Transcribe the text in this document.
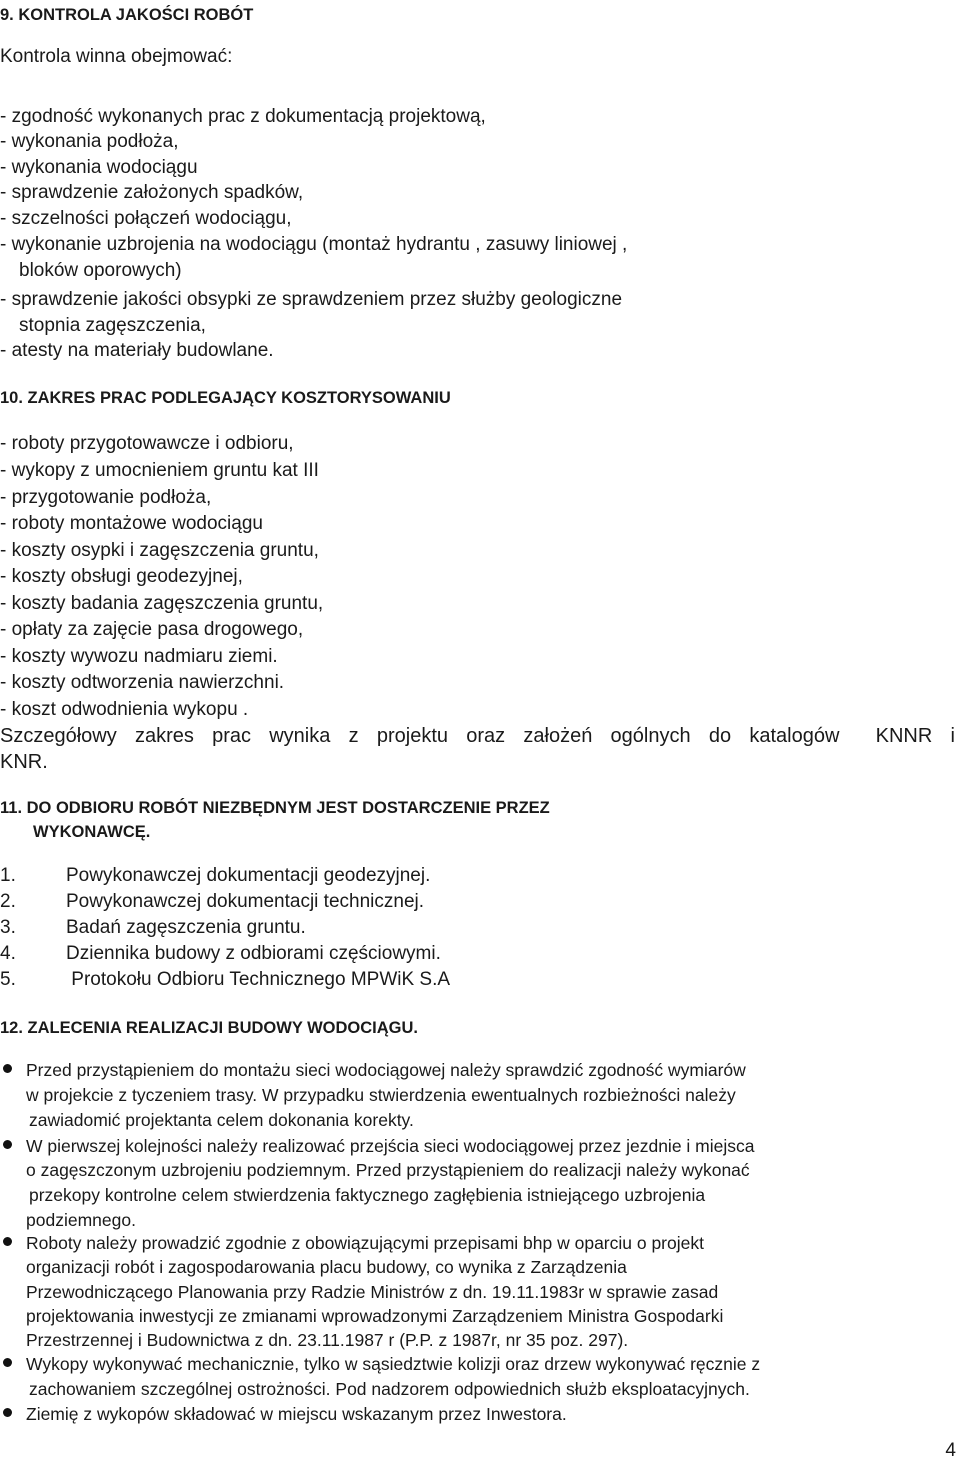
9. KONTROLA JAKOŚCI ROBÓT
Kontrola winna obejmować:
- zgodność wykonanych prac z dokumentacją projektową,
- wykonania podłoża,
- wykonania wodociągu
- sprawdzenie założonych spadków,
- szczelności połączeń wodociągu,
- wykonanie uzbrojenia na wodociągu (montaż hydrantu , zasuwy liniowej ,
bloków oporowych)
- sprawdzenie jakości obsypki ze sprawdzeniem przez służby geologiczne
stopnia zagęszczenia,
- atesty na materiały budowlane.
10. ZAKRES PRAC PODLEGAJĄCY KOSZTORYSOWANIU
- roboty przygotowawcze i odbioru,
- wykopy z umocnieniem gruntu kat III
- przygotowanie podłoża,
- roboty montażowe wodociągu
- koszty osypki i zagęszczenia gruntu,
- koszty obsługi geodezyjnej,
- koszty badania zagęszczenia gruntu,
- opłaty za zajęcie pasa drogowego,
- koszty wywozu nadmiaru ziemi.
- koszty odtworzenia nawierzchni.
- koszt odwodnienia wykopu .
Szczegółowy zakres prac wynika z projektu oraz założeń ogólnych do katalogów KNNR i
KNR.
11. DO ODBIORU ROBÓT NIEZBĘDNYM JEST DOSTARCZENIE PRZEZ
WYKONAWCĘ.
1.	Powykonawczej dokumentacji geodezyjnej.
2.	Powykonawczej dokumentacji technicznej.
3.	Badań zagęszczenia gruntu.
4.	Dziennika budowy z odbiorami częściowymi.
5.	Protokołu Odbioru Technicznego MPWiK S.A
12. ZALECENIA REALIZACJI BUDOWY WODOCIĄGU.
Przed przystąpieniem do montażu sieci wodociągowej należy sprawdzić zgodność wymiarów
w projekcie z tyczeniem trasy. W przypadku stwierdzenia ewentualnych rozbieżności należy
zawiadomić projektanta celem dokonania korekty.
W pierwszej kolejności należy realizować przejścia sieci wodociągowej przez jezdnie i miejsca
o zagęszczonym uzbrojeniu podziemnym. Przed przystąpieniem do realizacji należy wykonać
przekopy kontrolne celem stwierdzenia faktycznego zagłębienia istniejącego uzbrojenia
podziemnego.
Roboty należy prowadzić zgodnie z obowiązującymi przepisami bhp w oparciu o projekt
organizacji robót i zagospodarowania placu budowy, co wynika z Zarządzenia
Przewodniczącego Planowania przy Radzie Ministrów z dn. 19.11.1983r w sprawie zasad
projektowania inwestycji ze zmianami wprowadzonymi Zarządzeniem Ministra Gospodarki
Przestrzennej i Budownictwa z dn. 23.11.1987 r (P.P. z 1987r, nr 35 poz. 297).
Wykopy wykonywać mechanicznie, tylko w sąsiedztwie kolizji oraz drzew wykonywać ręcznie z
zachowaniem szczególnej ostrożności. Pod nadzorem odpowiednich służb eksploatacyjnych.
Ziemię z wykopów składować w miejscu wskazanym przez Inwestora.
4
